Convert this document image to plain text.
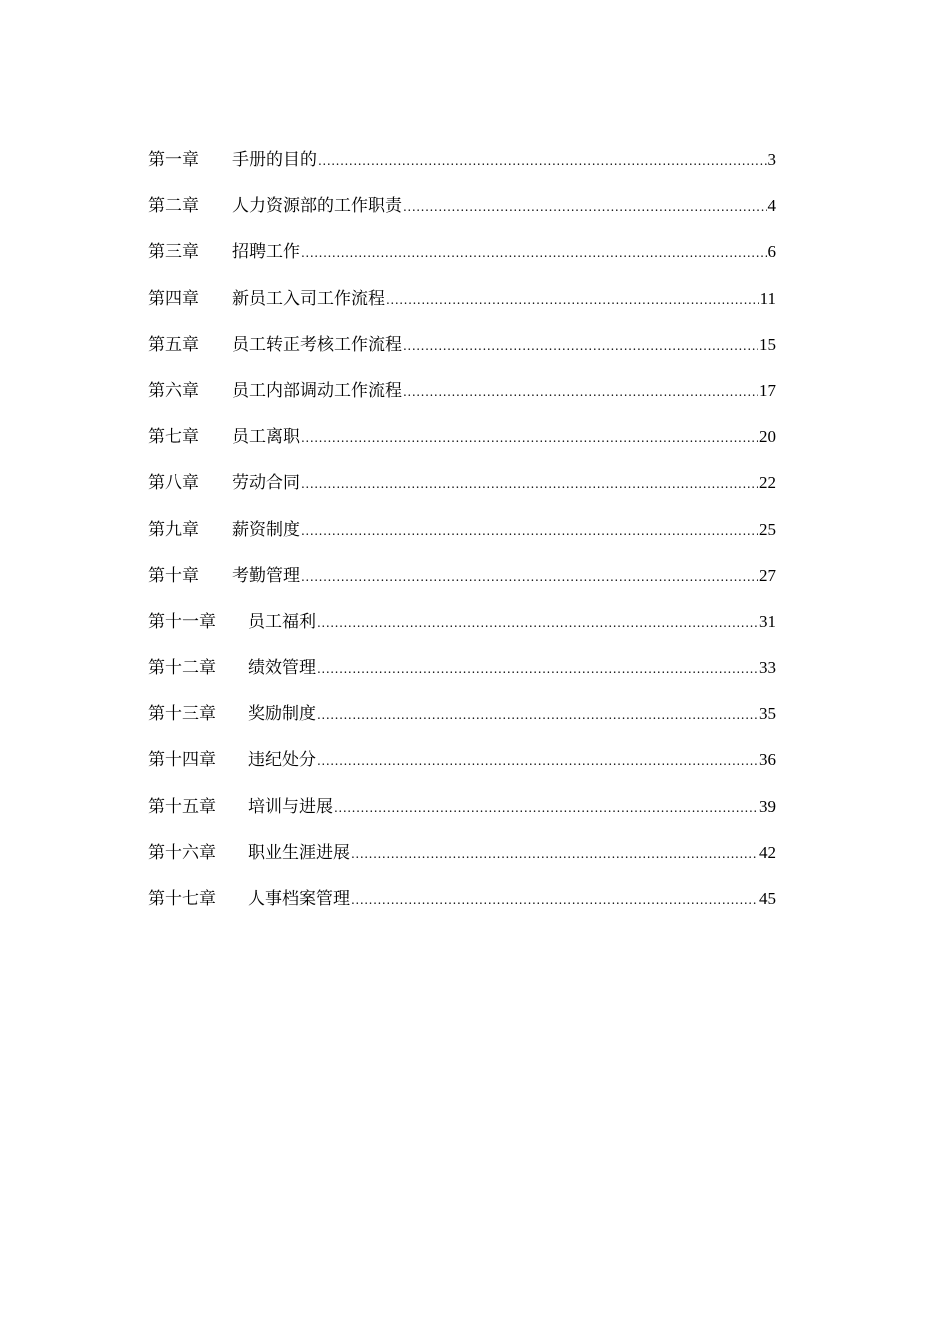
第一章	手册的目的 .....	3
第二章	人力资源部的工作职责 .....	4
第三章	招聘工作 .....	6
第四章	新员工入司工作流程 .....	11
第五章	员工转正考核工作流程 .....	15
第六章	员工内部调动工作流程 .....	17
第七章	员工离职 .....	20
第八章	劳动合同 .....	22
第九章	薪资制度 .....	25
第十章	考勤管理 .....	27
第十一章	员工福利 .....	31
第十二章	绩效管理 .....	33
第十三章	奖励制度 .....	35
第十四章	违纪处分 .....	36
第十五章	培训与进展 .....	39
第十六章	职业生涯进展 .....	42
第十七章	人事档案管理 .....	45
